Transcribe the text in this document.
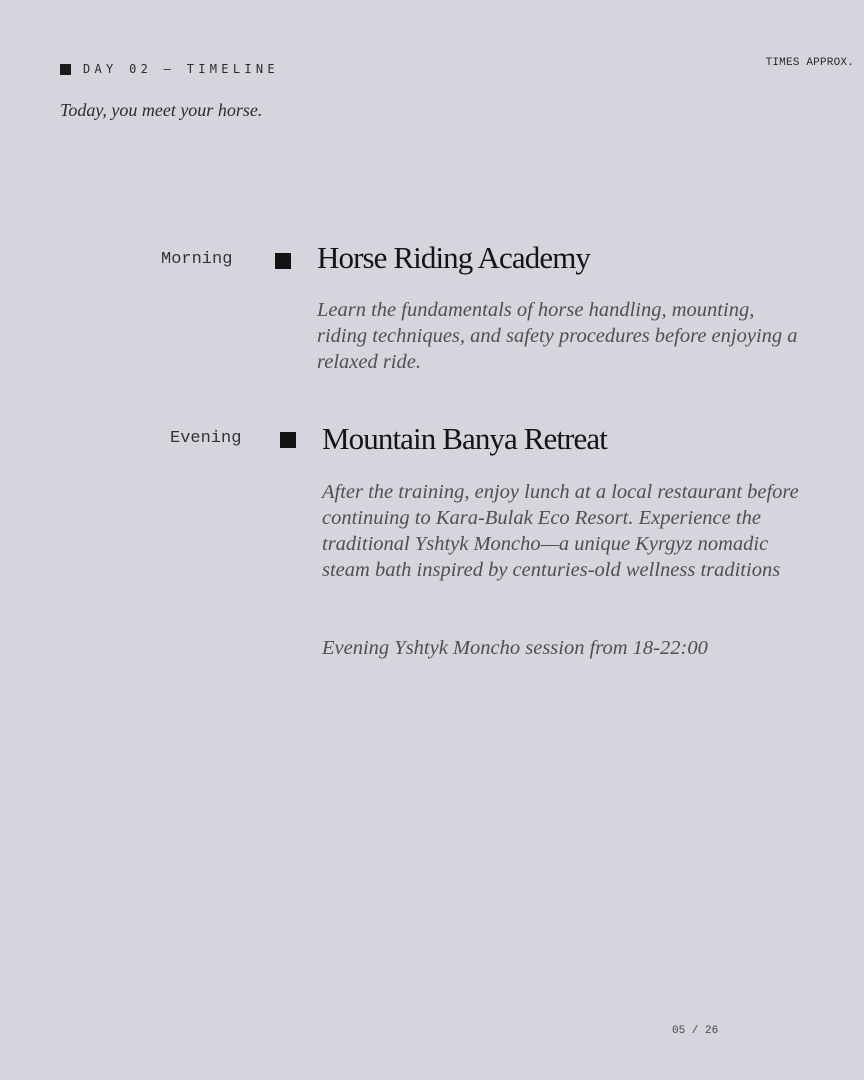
DAY 02 — TIMELINE	TIMES APPROX.
Today, you meet your horse.
Morning	Horse Riding Academy

Learn the fundamentals of horse handling, mounting, riding techniques, and safety procedures before enjoying a relaxed ride.

Evening	Mountain Banya Retreat

After the training, enjoy lunch at a local restaurant before continuing to Kara-Bulak Eco Resort. Experience the traditional Yshtyk Moncho—a unique Kyrgyz nomadic steam bath inspired by centuries-old wellness traditions

Evening Yshtyk Moncho session from 18-22:00

05 / 26
